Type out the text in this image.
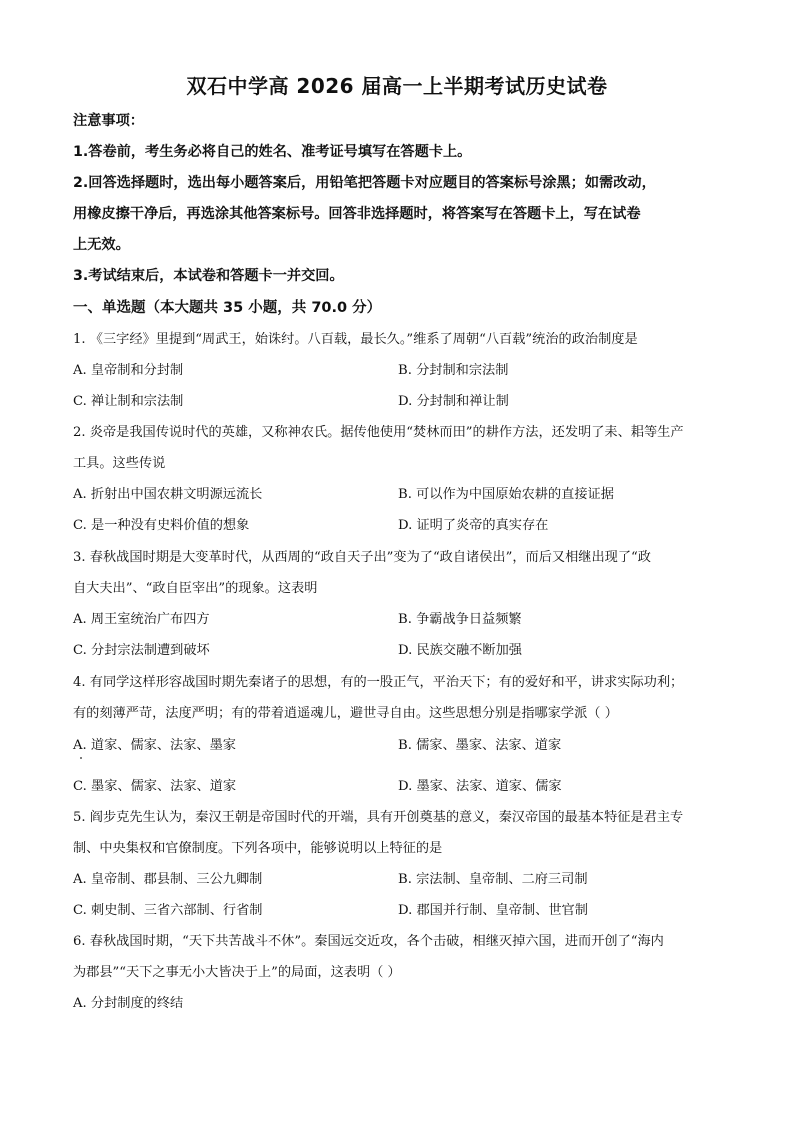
双石中学高 2026 届高一上半期考试历史试卷
注意事项：
1.答卷前，考生务必将自己的姓名、准考证号填写在答题卡上。
2.回答选择题时，选出每小题答案后，用铅笔把答题卡对应题目的答案标号涂黑；如需改动，
用橡皮擦干净后，再选涂其他答案标号。回答非选择题时，将答案写在答题卡上，写在试卷
上无效。
3.考试结束后，本试卷和答题卡一并交回。
一、单选题（本大题共 35 小题，共 70.0 分）
1. 《三字经》里提到“周武王，始诛纣。八百载，最长久。”维系了周朝“八百载”统治的政治制度是
A. 皇帝制和分封制	B. 分封制和宗法制
C. 禅让制和宗法制	D. 分封制和禅让制
2. 炎帝是我国传说时代的英雄，又称神农氏。据传他使用“焚林而田”的耕作方法，还发明了耒、耜等生产
工具。这些传说
A. 折射出中国农耕文明源远流长	B. 可以作为中国原始农耕的直接证据
C. 是一种没有史料价值的想象	D. 证明了炎帝的真实存在
3. 春秋战国时期是大变革时代，从西周的“政自天子出”变为了“政自诸侯出”，而后又相继出现了“政
自大夫出”、“政自臣宰出”的现象。这表明
A. 周王室统治广布四方	B. 争霸战争日益频繁
C. 分封宗法制遭到破坏	D. 民族交融不断加强
4. 有同学这样形容战国时期先秦诸子的思想，有的一股正气，平治天下；有的爱好和平，讲求实际功利；
有的刻薄严苛，法度严明；有的带着逍遥魂儿，避世寻自由。这些思想分别是指哪家学派（ ）
A. 道家、儒家、法家、墨家	B. 儒家、墨家、法家、道家
C. 墨家、儒家、法家、道家	D. 墨家、法家、道家、儒家
5. 阎步克先生认为，秦汉王朝是帝国时代的开端，具有开创奠基的意义，秦汉帝国的最基本特征是君主专
制、中央集权和官僚制度。下列各项中，能够说明以上特征的是
A. 皇帝制、郡县制、三公九卿制	B. 宗法制、皇帝制、二府三司制
C. 刺史制、三省六部制、行省制	D. 郡国并行制、皇帝制、世官制
6. 春秋战国时期，“天下共苦战斗不休”。秦国远交近攻，各个击破，相继灭掉六国，进而开创了“海内
为郡县”“天下之事无小大皆决于上”的局面，这表明（ ）
A. 分封制度的终结
